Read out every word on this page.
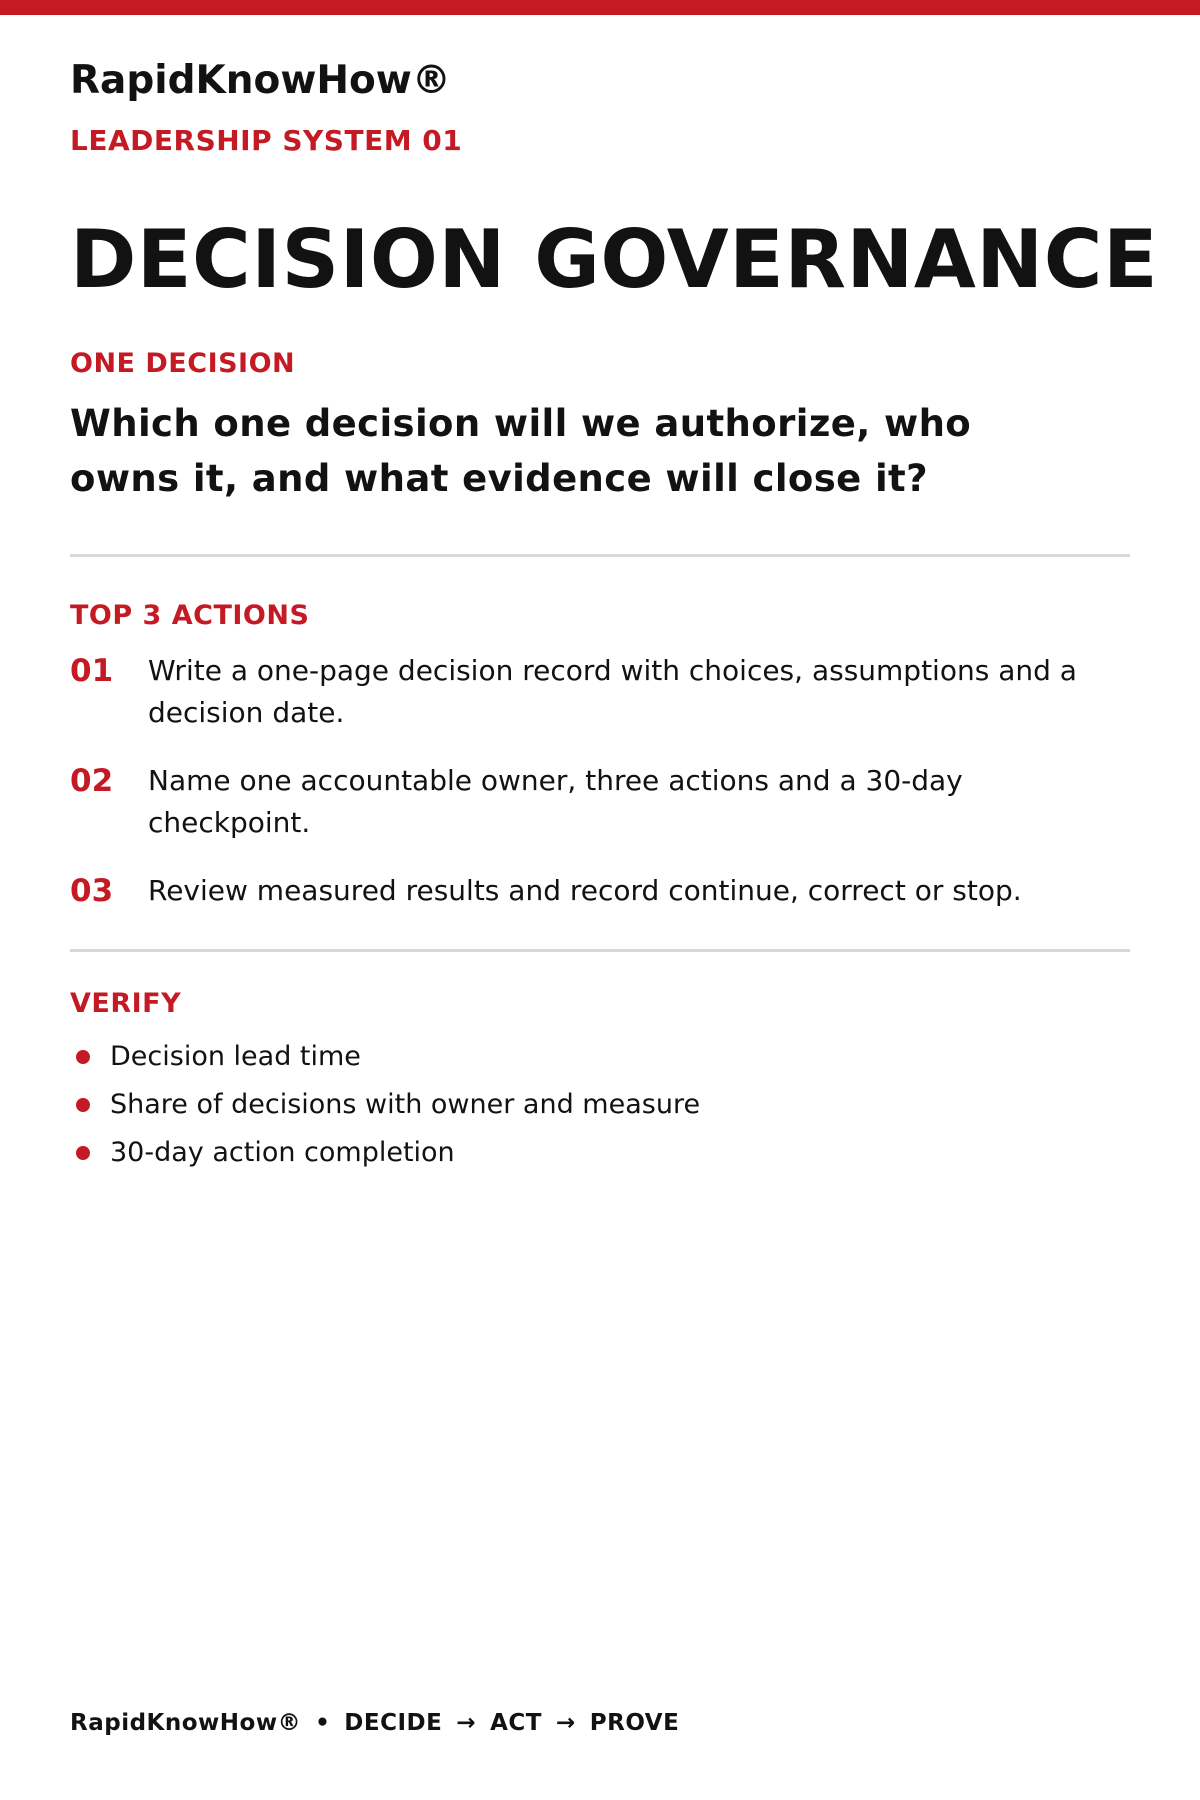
RapidKnowHow®
LEADERSHIP SYSTEM 01
DECISION GOVERNANCE
ONE DECISION
Which one decision will we authorize, who owns it, and what evidence will close it?
TOP 3 ACTIONS
01 Write a one-page decision record with choices, assumptions and a decision date.
02 Name one accountable owner, three actions and a 30-day checkpoint.
03 Review measured results and record continue, correct or stop.
VERIFY
Decision lead time
Share of decisions with owner and measure
30-day action completion
RapidKnowHow® • DECIDE → ACT → PROVE
